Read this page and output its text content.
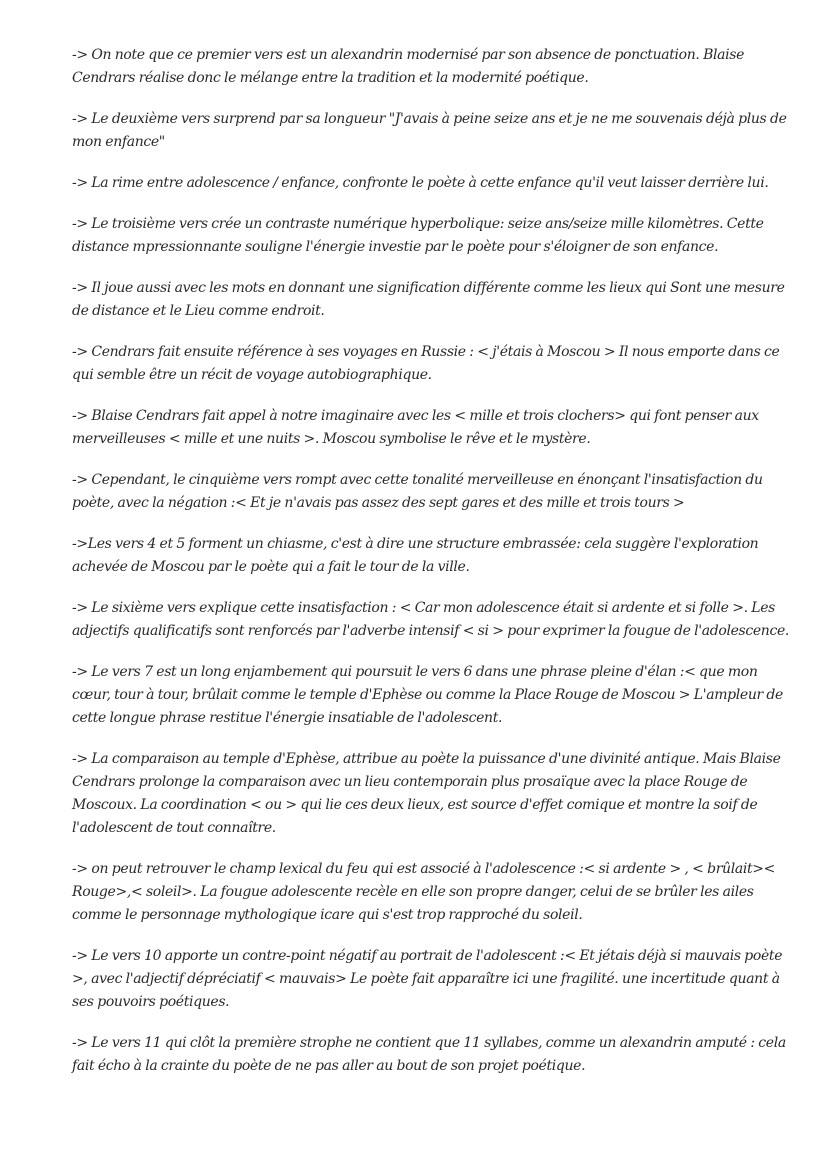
-> On note que ce premier vers est un alexandrin modernisé par son absence de ponctuation. Blaise Cendrars réalise donc le mélange entre la tradition et la modernité poétique.

-> Le deuxième vers surprend par sa longueur "J'avais à peine seize ans et je ne me souvenais déjà plus de mon enfance"

-> La rime entre adolescence / enfance, confronte le poète à cette enfance qu'il veut laisser derrière lui.

-> Le troisième vers crée un contraste numérique hyperbolique: seize ans/seize mille kilomètres. Cette distance mpressionnante souligne l'énergie investie par le poète pour s'éloigner de son enfance.

-> Il joue aussi avec les mots en donnant une signification différente comme les lieux qui Sont une mesure de distance et le Lieu comme endroit.

-> Cendrars fait ensuite référence à ses voyages en Russie : < j'étais à Moscou > Il nous emporte dans ce qui semble être un récit de voyage autobiographique.

-> Blaise Cendrars fait appel à notre imaginaire avec les < mille et trois clochers> qui font penser aux merveilleuses < mille et une nuits >. Moscou symbolise le rêve et le mystère.

-> Cependant, le cinquième vers rompt avec cette tonalité merveilleuse en énonçant l'insatisfaction du poète, avec la négation :< Et je n'avais pas assez des sept gares et des mille et trois tours >

->Les vers 4 et 5 forment un chiasme, c'est à dire une structure embrassée: cela suggère l'exploration achevée de Moscou par le poète qui a fait le tour de la ville.

-> Le sixième vers explique cette insatisfaction : < Car mon adolescence était si ardente et si folle >. Les adjectifs qualificatifs sont renforcés par l'adverbe intensif < si > pour exprimer la fougue de l'adolescence.

-> Le vers 7 est un long enjambement qui poursuit le vers 6 dans une phrase pleine d'élan :< que mon cœur, tour à tour, brûlait comme le temple d'Ephèse ou comme la Place Rouge de Moscou > L'ampleur de cette longue phrase restitue l'énergie insatiable de l'adolescent.

-> La comparaison au temple d'Ephèse, attribue au poète la puissance d'une divinité antique. Mais Blaise Cendrars prolonge la comparaison avec un lieu contemporain plus prosaïque avec la place Rouge de Moscoux. La coordination < ou > qui lie ces deux lieux, est source d'effet comique et montre la soif de l'adolescent de tout connaître.

-> on peut retrouver le champ lexical du feu qui est associé à l'adolescence :< si ardente > , < brûlait>< Rouge>,< soleil>. La fougue adolescente recèle en elle son propre danger, celui de se brûler les ailes comme le personnage mythologique icare qui s'est trop rapproché du soleil.

-> Le vers 10 apporte un contre-point négatif au portrait de l'adolescent :< Et jétais déjà si mauvais poète >, avec l'adjectif dépréciatif < mauvais> Le poète fait apparaître ici une fragilité. une incertitude quant à ses pouvoirs poétiques.

-> Le vers 11 qui clôt la première strophe ne contient que 11 syllabes, comme un alexandrin amputé : cela fait écho à la crainte du poète de ne pas aller au bout de son projet poétique.
